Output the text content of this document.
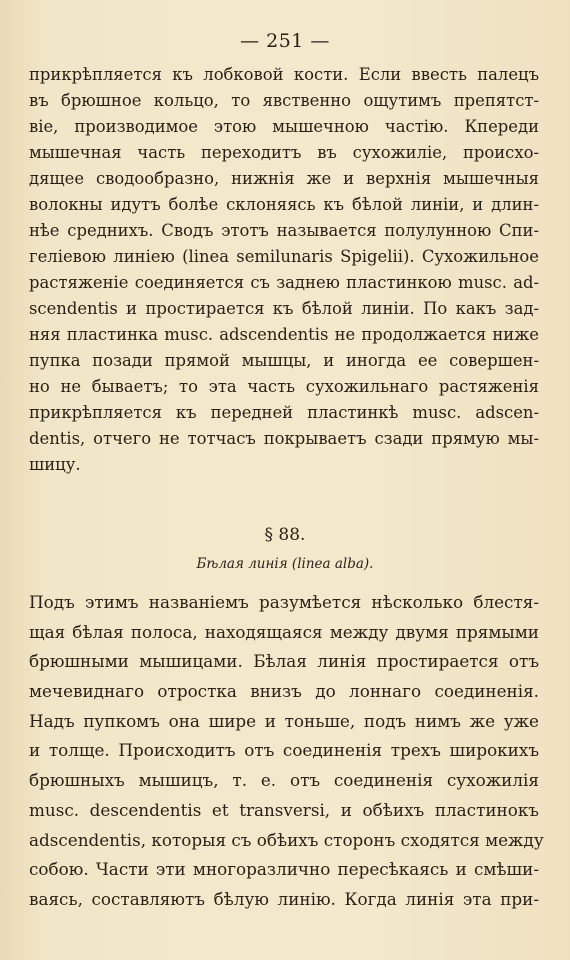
— 251 —
прикрѣпляется къ лобковой кости. Если ввесть палецъ
въ брюшное кольцо, то явственно ощутимъ препятст-
віе, производимое этою мышечною частію. Кпереди
мышечная часть переходитъ въ сухожиліе, происхо-
дящее сводообразно, нижнія же и верхнія мышечныя
волокны идутъ болѣе склоняясь къ бѣлой линіи, и длин-
нѣе среднихъ. Сводъ этотъ называется полулунною Спи-
гелiевою линiею (linea semilunaris Spigelii). Сухожильное
растяженіе соединяется съ заднею пластинкою musc. ad-
scendentis и простирается къ бѣлой линіи. По какъ зад-
няя пластинка musc. adscendentis не продолжается ниже
пупка позади прямой мышцы, и иногда ее совершен-
но не бываетъ; то эта часть сухожильнаго растяженія
прикрѣпляется къ передней пластинкѣ musc. adscen-
dentis, отчего не тотчасъ покрываетъ сзади прямую мы-
шицу.
§ 88.
Бѣлая линія (linea alba).
Подъ этимъ названіемъ разумѣется нѣсколько блестя-
щая бѣлая полоса, находящаяся между двумя прямыми
брюшными мышицами. Бѣлая линія простирается отъ
мечевиднаго отростка внизъ до лоннаго соединенія.
Надъ пупкомъ она шире и тоньше, подъ нимъ же уже
и толще. Происходитъ отъ соединенія трехъ широкихъ
брюшныхъ мышицъ, т. е. отъ соединенія сухожилія
musc. descendentis et transversi, и обѣихъ пластинокъ
adscendentis, которыя съ обѣихъ сторонъ сходятся между
собою. Части эти многоразлично пересѣкаясь и смѣши-
ваясь, составляютъ бѣлую линію. Когда линія эта при-
